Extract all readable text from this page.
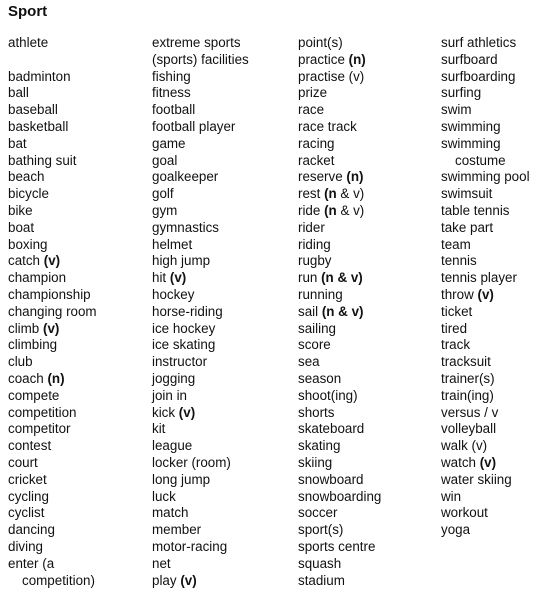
Sport
athlete
badminton
ball
baseball
basketball
bat
bathing suit
beach
bicycle
bike
boat
boxing
catch (v)
champion
championship
changing room
climb (v)
climbing
club
coach (n)
compete
competition
competitor
contest
court
cricket
cycling
cyclist
dancing
diving
enter (a
competition)
extreme sports
(sports) facilities
fishing
fitness
football
football player
game
goal
goalkeeper
golf
gym
gymnastics
helmet
high jump
hit (v)
hockey
horse-riding
ice hockey
ice skating
instructor
jogging
join in
kick (v)
kit
league
locker (room)
long jump
luck
match
member
motor-racing
net
play (v)
point(s)
practice (n)
practise (v)
prize
race
race track
racing
racket
reserve (n)
rest (n & v)
ride (n & v)
rider
riding
rugby
run (n & v)
running
sail (n & v)
sailing
score
sea
season
shoot(ing)
shorts
skateboard
skating
skiing
snowboard
snowboarding
soccer
sport(s)
sports centre
squash
stadium
surf athletics
surfboard
surfboarding
surfing
swim
swimming
swimming
costume
swimming pool
swimsuit
table tennis
take part
team
tennis
tennis player
throw (v)
ticket
tired
track
tracksuit
trainer(s)
train(ing)
versus / v
volleyball
walk (v)
watch (v)
water skiing
win
workout
yoga
